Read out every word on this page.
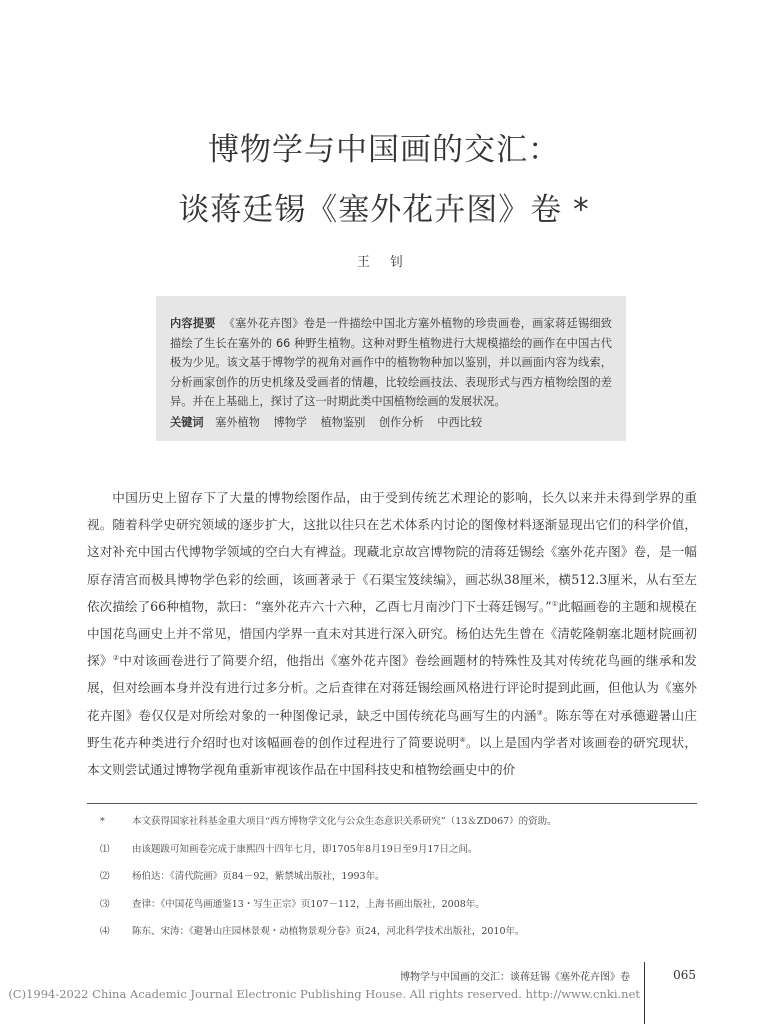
博物学与中国画的交汇：
谈蒋廷锡《塞外花卉图》卷 *
王 钊
内容提要 《塞外花卉图》卷是一件描绘中国北方塞外植物的珍贵画卷，画家蒋廷锡细致描绘了生长在塞外的 66 种野生植物。这种对野生植物进行大规模描绘的画作在中国古代极为少见。该文基于博物学的视角对画作中的植物物种加以鉴别，并以画面内容为线索，分析画家创作的历史机缘及受画者的情趣，比较绘画技法、表现形式与西方植物绘图的差异。并在上基础上，探讨了这一时期此类中国植物绘画的发展状况。
关键词 塞外植物 博物学 植物鉴别 创作分析 中西比较

中国历史上留存下了大量的博物绘图作品，由于受到传统艺术理论的影响，长久以来并未得到学界的重视。随着科学史研究领域的逐步扩大，这批以往只在艺术体系内讨论的图像材料逐渐显现出它们的科学价值，这对补充中国古代博物学领域的空白大有裨益。现藏北京故宫博物院的清蒋廷锡绘《塞外花卉图》卷，是一幅原存清宫而极具博物学色彩的绘画，该画著录于《石渠宝笈续编》，画芯纵38厘米，横512.3厘米，从右至左依次描绘了66种植物，款曰：“塞外花卉六十六种，乙酉七月南沙门下士蒋廷锡写。”①此幅画卷的主题和规模在中国花鸟画史上并不常见，惜国内学界一直未对其进行深入研究。杨伯达先生曾在《清乾隆朝塞北题材院画初探》②中对该画卷进行了简要介绍，他指出《塞外花卉图》卷绘画题材的特殊性及其对传统花鸟画的继承和发展，但对绘画本身并没有进行过多分析。之后查律在对蒋廷锡绘画风格进行评论时提到此画，但他认为《塞外花卉图》卷仅仅是对所绘对象的一种图像记录，缺乏中国传统花鸟画写生的内涵③。陈东等在对承德避暑山庄野生花卉种类进行介绍时也对该幅画卷的创作过程进行了简要说明④。以上是国内学者对该画卷的研究现状，本文则尝试通过博物学视角重新审视该作品在中国科技史和植物绘画史中的价

*	本文获得国家社科基金重大项目“西方博物学文化与公众生态意识关系研究”（13＆ZD067）的资助。
⑴	由该题跋可知画卷完成于康熙四十四年七月，即1705年8月19日至9月17日之间。
⑵	杨伯达：《清代院画》页84－92，紫禁城出版社，1993年。
⑶	查律：《中国花鸟画通鉴13・写生正宗》页107－112，上海书画出版社，2008年。
⑷	陈东、宋涛：《避暑山庄园林景观・动植物景观分卷》页24，河北科学技术出版社，2010年。
博物学与中国画的交汇：谈蒋廷锡《塞外花卉图》卷	065
(C)1994-2022 China Academic Journal Electronic Publishing House. All rights reserved. http://www.cnki.net
